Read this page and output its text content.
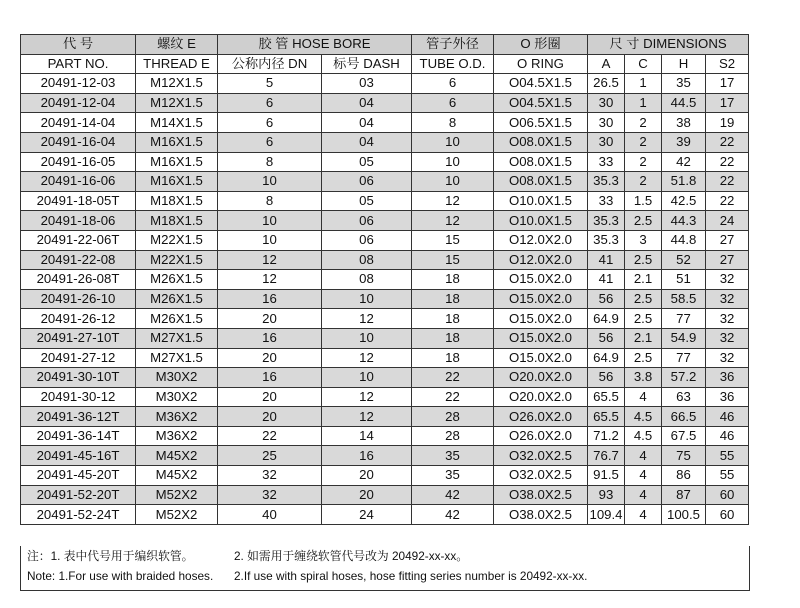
代 号	螺纹 E	胶 管 HOSE BORE		管子外径	O 形圈	尺 寸 DIMENSIONS			
PART NO.	THREAD E	公称内径 DN	标号 DASH	TUBE O.D.	O RING	A	C	H	S2
20491-12-03	M12X1.5	5	03	6	O04.5X1.5	26.5	1	35	17
20491-12-04	M12X1.5	6	04	6	O04.5X1.5	30	1	44.5	17
20491-14-04	M14X1.5	6	04	8	O06.5X1.5	30	2	38	19
20491-16-04	M16X1.5	6	04	10	O08.0X1.5	30	2	39	22
20491-16-05	M16X1.5	8	05	10	O08.0X1.5	33	2	42	22
20491-16-06	M16X1.5	10	06	10	O08.0X1.5	35.3	2	51.8	22
20491-18-05T	M18X1.5	8	05	12	O10.0X1.5	33	1.5	42.5	22
20491-18-06	M18X1.5	10	06	12	O10.0X1.5	35.3	2.5	44.3	24
20491-22-06T	M22X1.5	10	06	15	O12.0X2.0	35.3	3	44.8	27
20491-22-08	M22X1.5	12	08	15	O12.0X2.0	41	2.5	52	27
20491-26-08T	M26X1.5	12	08	18	O15.0X2.0	41	2.1	51	32
20491-26-10	M26X1.5	16	10	18	O15.0X2.0	56	2.5	58.5	32
20491-26-12	M26X1.5	20	12	18	O15.0X2.0	64.9	2.5	77	32
20491-27-10T	M27X1.5	16	10	18	O15.0X2.0	56	2.1	54.9	32
20491-27-12	M27X1.5	20	12	18	O15.0X2.0	64.9	2.5	77	32
20491-30-10T	M30X2	16	10	22	O20.0X2.0	56	3.8	57.2	36
20491-30-12	M30X2	20	12	22	O20.0X2.0	65.5	4	63	36
20491-36-12T	M36X2	20	12	28	O26.0X2.0	65.5	4.5	66.5	46
20491-36-14T	M36X2	22	14	28	O26.0X2.0	71.2	4.5	67.5	46
20491-45-16T	M45X2	25	16	35	O32.0X2.5	76.7	4	75	55
20491-45-20T	M45X2	32	20	35	O32.0X2.5	91.5	4	86	55
20491-52-20T	M52X2	32	20	42	O38.0X2.5	93	4	87	60
20491-52-24T	M52X2	40	24	42	O38.0X2.5	109.4	4	100.5	60
注：1. 表中代号用于编织软管。	2. 如需用于缠绕软管代号改为 20492-xx-xx。
Note: 1.For use with braided hoses. 2.If use with spiral hoses, hose fitting series number is 20492-xx-xx.
